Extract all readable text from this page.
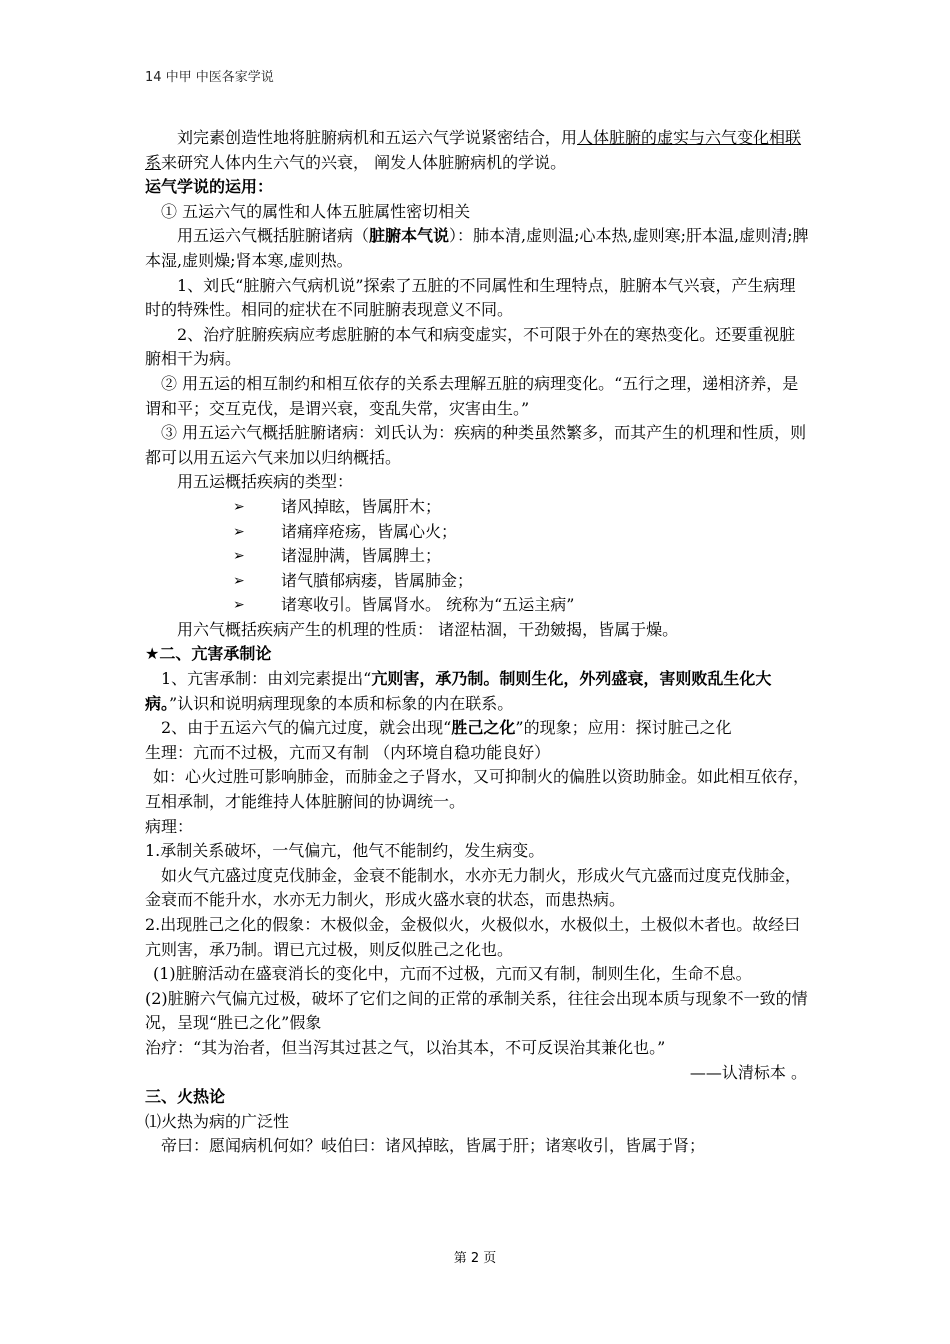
14 中甲 中医各家学说

刘完素创造性地将脏腑病机和五运六气学说紧密结合，用人体脏腑的虚实与六气变化相联系来研究人体内生六气的兴衰， 阐发人体脏腑病机的学说。

运气学说的运用：

① 五运六气的属性和人体五脏属性密切相关

用五运六气概括脏腑诸病（脏腑本气说）：肺本清,虚则温;心本热,虚则寒;肝本温,虚则清;脾本湿,虚则燥;肾本寒,虚则热。

1、刘氏“脏腑六气病机说”探索了五脏的不同属性和生理特点，脏腑本气兴衰，产生病理时的特殊性。相同的症状在不同脏腑表现意义不同。

2、治疗脏腑疾病应考虑脏腑的本气和病变虚实，不可限于外在的寒热变化。还要重视脏腑相干为病。

② 用五运的相互制约和相互依存的关系去理解五脏的病理变化。“五行之理，递相济养，是谓和平；交互克伐，是谓兴衰，变乱失常，灾害由生。”

③ 用五运六气概括脏腑诸病：刘氏认为：疾病的种类虽然繁多，而其产生的机理和性质，则都可以用五运六气来加以归纳概括。

用五运概括疾病的类型：

➢	诸风掉眩，皆属肝木；
➢	诸痛痒疮疡，皆属心火；
➢	诸湿肿满，皆属脾土；
➢	诸气膹郁病痿，皆属肺金；
➢	诸寒收引。皆属肾水。 统称为“五运主病”

用六气概括疾病产生的机理的性质： 诸涩枯涸，干劲皴揭，皆属于燥。

★二、亢害承制论

1、亢害承制：由刘完素提出“亢则害，承乃制。制则生化，外列盛衰，害则败乱生化大病。”认识和说明病理现象的本质和标象的内在联系。

2、由于五运六气的偏亢过度，就会出现“胜己之化”的现象；应用：探讨脏己之化

生理：亢而不过极，亢而又有制 （内环境自稳功能良好）

如：心火过胜可影响肺金，而肺金之子肾水，又可抑制火的偏胜以资助肺金。如此相互依存，互相承制，才能维持人体脏腑间的协调统一。

病理：

1.承制关系破坏，一气偏亢，他气不能制约，发生病变。

如火气亢盛过度克伐肺金，金衰不能制水，水亦无力制火，形成火气亢盛而过度克伐肺金，金衰而不能升水，水亦无力制火，形成火盛水衰的状态，而患热病。

2.出现胜己之化的假象：木极似金，金极似火，火极似水，水极似土，土极似木者也。故经曰亢则害，承乃制。谓已亢过极，则反似胜己之化也。

(1)脏腑活动在盛衰消长的变化中，亢而不过极，亢而又有制，制则生化，生命不息。

(2)脏腑六气偏亢过极，破坏了它们之间的正常的承制关系，往往会出现本质与现象不一致的情况，呈现“胜已之化”假象

治疗：“其为治者，但当泻其过甚之气，以治其本，不可反误治其兼化也。”

——认清标本 。

三、火热论

⑴火热为病的广泛性

帝曰：愿闻病机何如？岐伯曰：诸风掉眩，皆属于肝；诸寒收引，皆属于肾；

第 2 页
